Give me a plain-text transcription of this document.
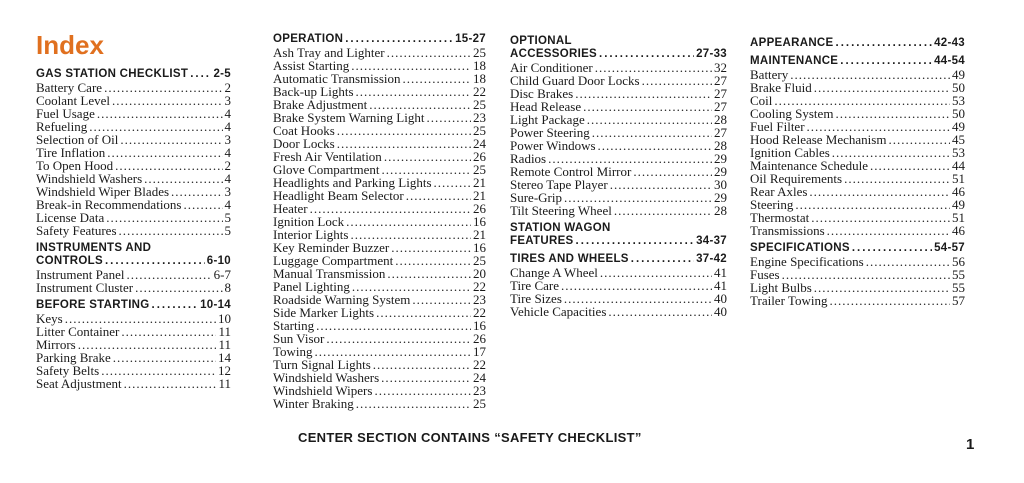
Index
GAS STATION CHECKLIST ..... 2-5
Battery Care .....	2
Coolant Level .....	3
Fuel Usage .....	4
Refueling .....	4
Selection of Oil .....	3
Tire Inflation .....	4
To Open Hood .....	2
Windshield Washers .....	4
Windshield Wiper Blades .....	3
Break-in Recommendations .....	4
License Data .....	5
Safety Features .....	5
INSTRUMENTS AND
CONTROLS .....	6-10
Instrument Panel .....	6-7
Instrument Cluster .....	8
BEFORE STARTING .....	10-14
Keys .....	10
Litter Container .....	11
Mirrors .....	11
Parking Brake .....	14
Safety Belts .....	12
Seat Adjustment .....	11
OPERATION .....	15-27
Ash Tray and Lighter .....	25
Assist Starting .....	18
Automatic Transmission .....	18
Back-up Lights .....	22
Brake Adjustment .....	25
Brake System Warning Light .....	23
Coat Hooks .....	25
Door Locks .....	24
Fresh Air Ventilation .....	26
Glove Compartment .....	25
Headlights and Parking Lights .....	21
Headlight Beam Selector .....	21
Heater .....	26
Ignition Lock .....	16
Interior Lights .....	21
Key Reminder Buzzer .....	16
Luggage Compartment .....	25
Manual Transmission .....	20
Panel Lighting .....	22
Roadside Warning System .....	23
Side Marker Lights .....	22
Starting .....	16
Sun Visor .....	26
Towing .....	17
Turn Signal Lights .....	22
Windshield Washers .....	24
Windshield Wipers .....	23
Winter Braking .....	25
OPTIONAL
ACCESSORIES .....	27-33
Air Conditioner .....	32
Child Guard Door Locks .....	27
Disc Brakes .....	27
Head Release .....	27
Light Package .....	28
Power Steering .....	27
Power Windows .....	28
Radios .....	29
Remote Control Mirror .....	29
Stereo Tape Player .....	30
Sure-Grip .....	29
Tilt Steering Wheel .....	28
STATION WAGON
FEATURES .....	34-37
TIRES AND WHEELS .....	37-42
Change A Wheel .....	41
Tire Care .....	41
Tire Sizes .....	40
Vehicle Capacities .....	40
APPEARANCE .....	42-43
MAINTENANCE .....	44-54
Battery .....	49
Brake Fluid .....	50
Coil .....	53
Cooling System .....	50
Fuel Filter .....	49
Hood Release Mechanism .....	45
Ignition Cables .....	53
Maintenance Schedule .....	44
Oil Requirements .....	51
Rear Axles .....	46
Steering .....	49
Thermostat .....	51
Transmissions .....	46
SPECIFICATIONS .....	54-57
Engine Specifications .....	56
Fuses .....	55
Light Bulbs .....	55
Trailer Towing .....	57
CENTER SECTION CONTAINS “SAFETY CHECKLIST”	1
